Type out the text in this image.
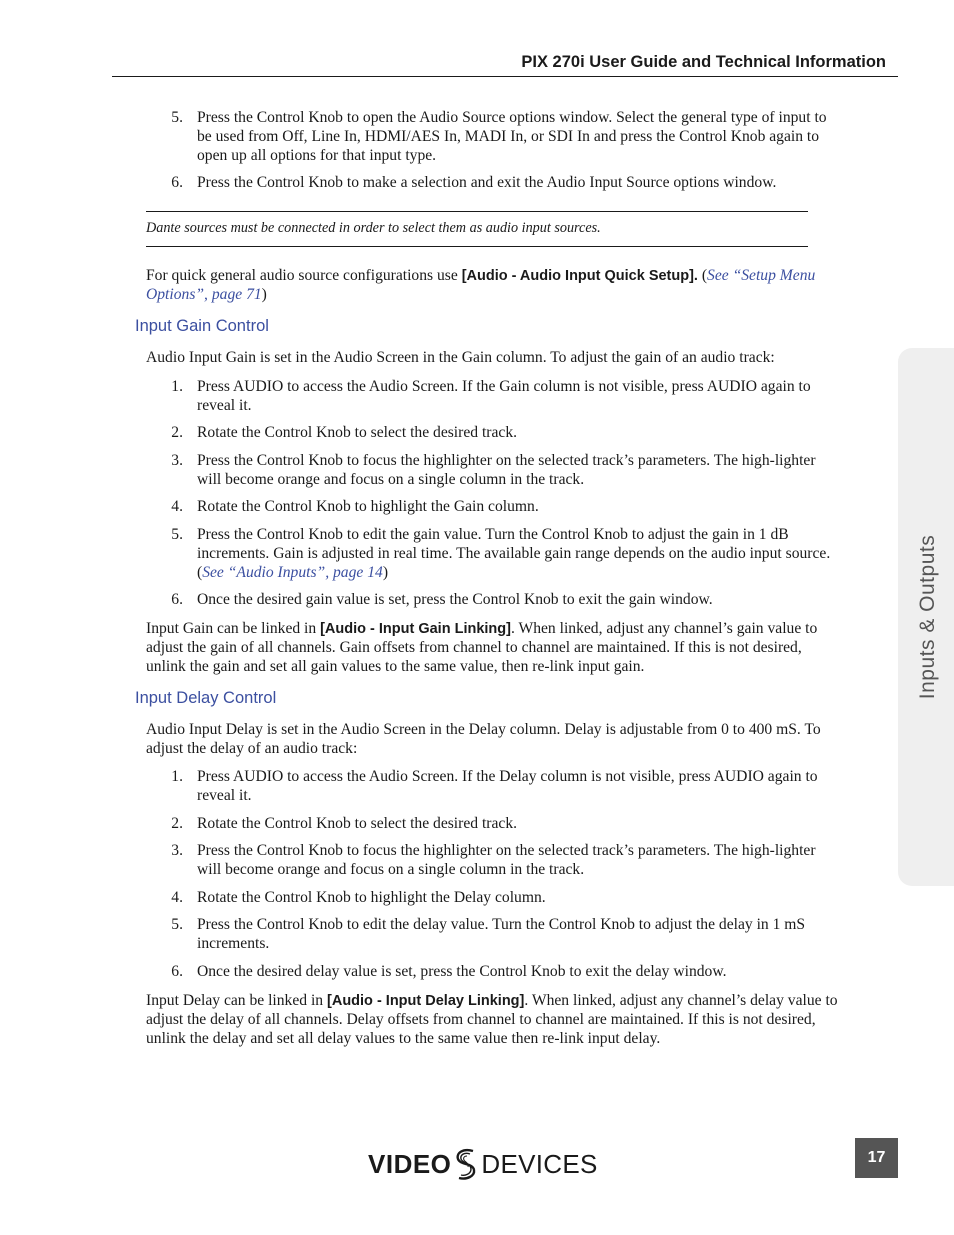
PIX 270i User Guide and Technical Information
5. Press the Control Knob to open the Audio Source options window. Select the general type of input to be used from Off, Line In, HDMI/AES In, MADI In, or SDI In and press the Control Knob again to open up all options for that input type.
6. Press the Control Knob to make a selection and exit the Audio Input Source options window.
Dante sources must be connected in order to select them as audio input sources.

For quick general audio source configurations use [Audio - Audio Input Quick Setup]. (See “Setup Menu Options”, page 71)

Input Gain Control

Audio Input Gain is set in the Audio Screen in the Gain column. To adjust the gain of an audio track:

1. Press AUDIO to access the Audio Screen. If the Gain column is not visible, press AUDIO again to reveal it.
2. Rotate the Control Knob to select the desired track.
3. Press the Control Knob to focus the highlighter on the selected track’s parameters. The high-lighter will become orange and focus on a single column in the track.
4. Rotate the Control Knob to highlight the Gain column.
5. Press the Control Knob to edit the gain value. Turn the Control Knob to adjust the gain in 1 dB increments. Gain is adjusted in real time. The available gain range depends on the audio input source. (See “Audio Inputs”, page 14)
6. Once the desired gain value is set, press the Control Knob to exit the gain window.

Input Gain can be linked in [Audio - Input Gain Linking]. When linked, adjust any channel’s gain value to adjust the gain of all channels. Gain offsets from channel to channel are maintained. If this is not desired, unlink the gain and set all gain values to the same value, then re-link input gain.

Input Delay Control

Audio Input Delay is set in the Audio Screen in the Delay column. Delay is adjustable from 0 to 400 mS. To adjust the delay of an audio track:

1. Press AUDIO to access the Audio Screen. If the Delay column is not visible, press AUDIO again to reveal it.
2. Rotate the Control Knob to select the desired track.
3. Press the Control Knob to focus the highlighter on the selected track’s parameters. The high-lighter will become orange and focus on a single column in the track.
4. Rotate the Control Knob to highlight the Delay column.
5. Press the Control Knob to edit the delay value. Turn the Control Knob to adjust the delay in 1 mS increments.
6. Once the desired delay value is set, press the Control Knob to exit the delay window.

Input Delay can be linked in [Audio - Input Delay Linking]. When linked, adjust any channel’s delay value to adjust the delay of all channels. Delay offsets from channel to channel are maintained. If this is not desired, unlink the delay and set all delay values to the same value then re-link input delay.

Inputs & Outputs
VIDEO DEVICES	17
